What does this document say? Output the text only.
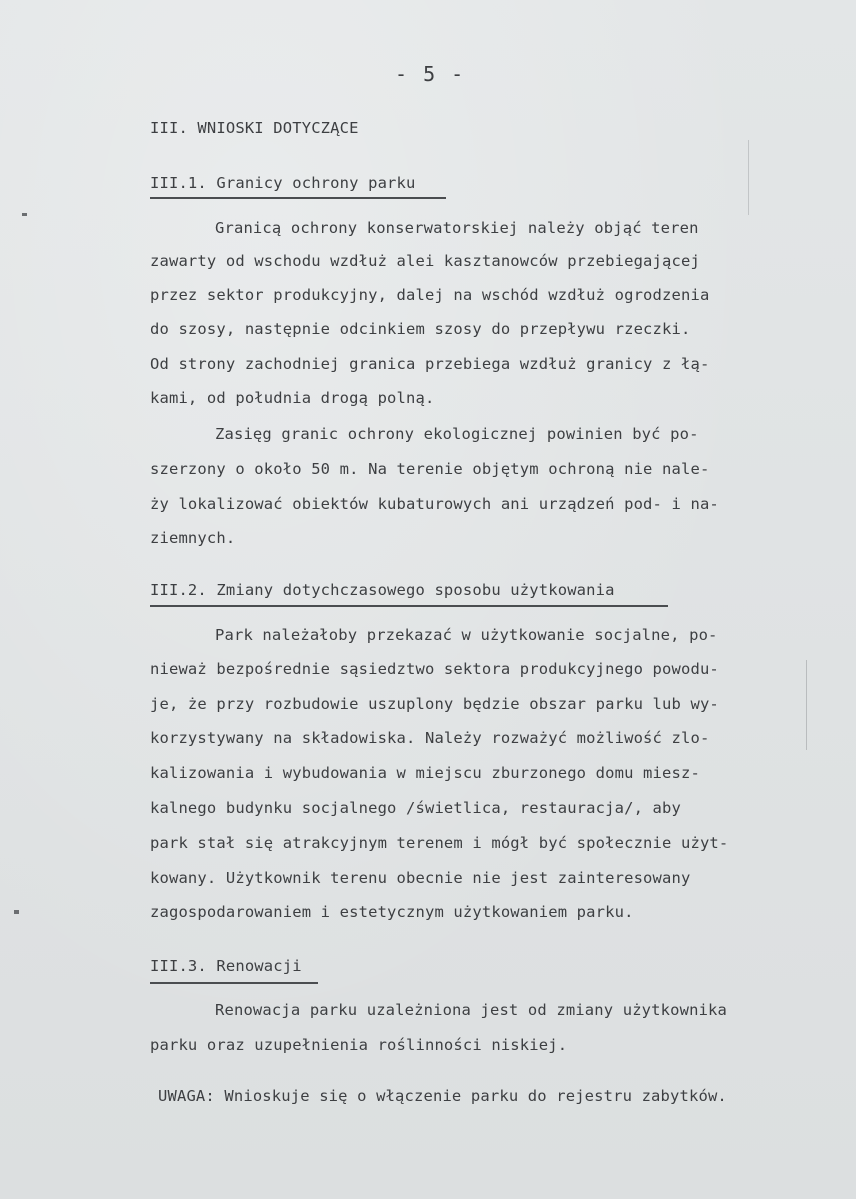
- 5 -
III. WNIOSKI DOTYCZĄCE
III.1. Granicy ochrony parku
Granicą ochrony konserwatorskiej należy objąć teren
zawarty od wschodu wzdłuż alei kasztanowców przebiegającej
przez sektor produkcyjny, dalej na wschód wzdłuż ogrodzenia
do szosy, następnie odcinkiem szosy do przepływu rzeczki.
Od strony zachodniej granica przebiega wzdłuż granicy z łą-
kami, od południa drogą polną.
Zasięg granic ochrony ekologicznej powinien być po-
szerzony o około 50 m. Na terenie objętym ochroną nie nale-
ży lokalizować obiektów kubaturowych ani urządzeń pod- i na-
ziemnych.
III.2. Zmiany dotychczasowego sposobu użytkowania
Park należałoby przekazać w użytkowanie socjalne, po-
nieważ bezpośrednie sąsiedztwo sektora produkcyjnego powodu-
je, że przy rozbudowie uszuplony będzie obszar parku lub wy-
korzystywany na składowiska. Należy rozważyć możliwość zlo-
kalizowania i wybudowania w miejscu zburzonego domu miesz-
kalnego budynku socjalnego /świetlica, restauracja/, aby
park stał się atrakcyjnym terenem i mógł być społecznie użyt-
kowany. Użytkownik terenu obecnie nie jest zainteresowany
zagospodarowaniem i estetycznym użytkowaniem parku.
III.3. Renowacji
Renowacja parku uzależniona jest od zmiany użytkownika
parku oraz uzupełnienia roślinności niskiej.
UWAGA: Wnioskuje się o włączenie parku do rejestru zabytków.
